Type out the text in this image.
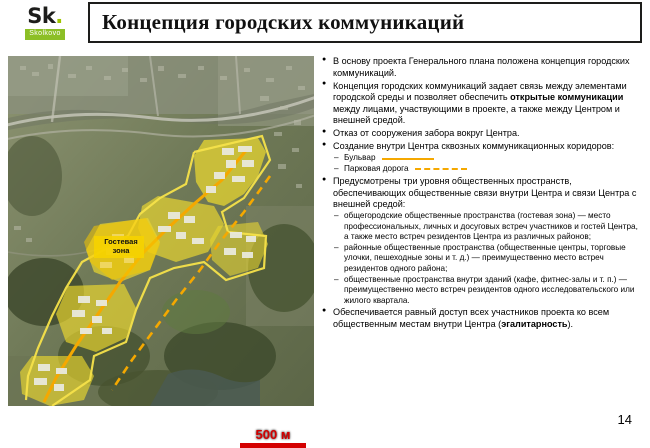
Sk.
Skolkovo Концепция городских коммуникаций
Гостевая
зона
500 м
● В основу проекта Генерального плана положена концепция городских коммуникаций.
● Концепция городских коммуникаций задает связь между элементами городской среды и позволяет обеспечить открытые коммуникации между лицами, участвующими в проекте, а также между Центром и внешней средой.
● Отказ от сооружения забора вокруг Центра.
● Создание внутри Центра сквозных коммуникационных коридоров:
– Бульвар
– Парковая дорога
● Предусмотрены три уровня общественных пространств, обеспечивающих общественные связи внутри Центра и связи Центра с внешней средой:
– общегородские общественные пространства (гостевая зона) — место профессиональных, личных и досуговых встреч участников и гостей Центра, а также место встреч резидентов Центра из различных районов;
– районные общественные пространства (общественные центры, торговые улочки, пешеходные зоны и т. д.) — преимущественно место встреч резидентов одного района;
– общественные пространства внутри зданий (кафе, фитнес-залы и т. п.) — преимущественно место встреч резидентов одного исследовательского или жилого квартала.
● Обеспечивается равный доступ всех участников проекта ко всем общественным местам внутри Центра (эгалитарность).
14
